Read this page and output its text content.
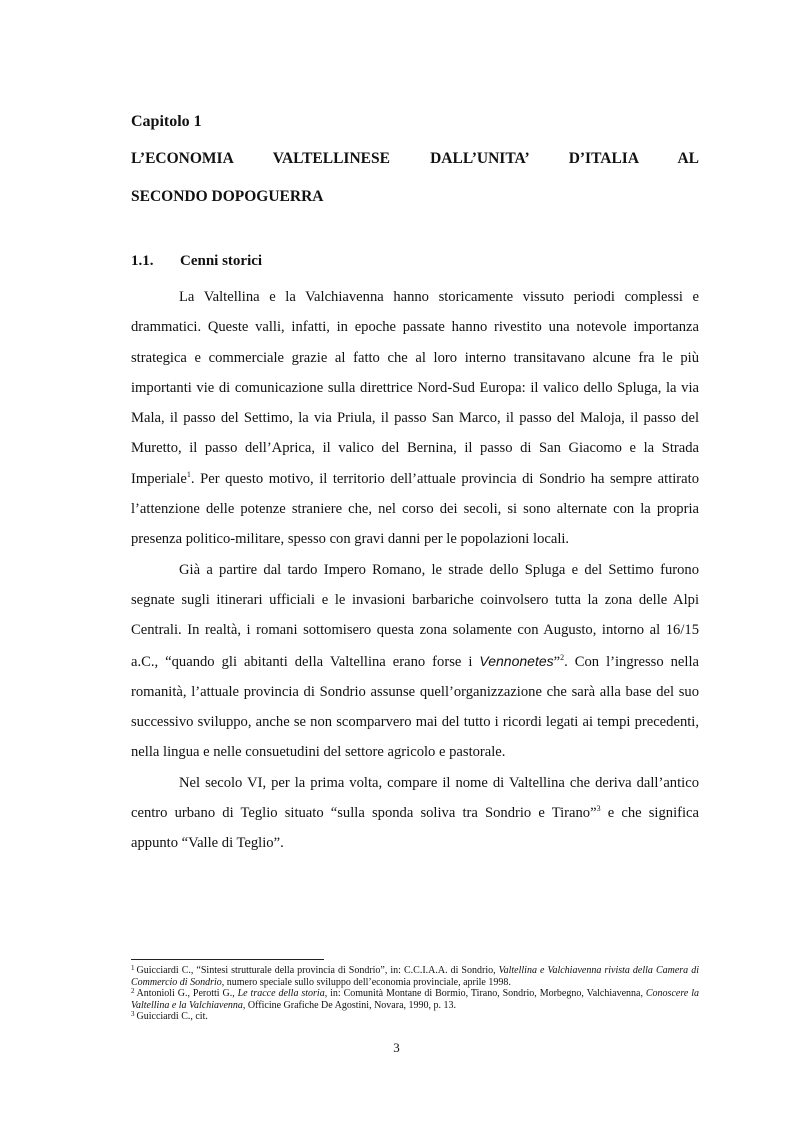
Capitolo 1
L’ECONOMIA VALTELLINESE DALL’UNITA’ D’ITALIA AL
SECONDO DOPOGUERRA
1.1. Cenni storici

La Valtellina e la Valchiavenna hanno storicamente vissuto periodi complessi e drammatici. Queste valli, infatti, in epoche passate hanno rivestito una notevole importanza strategica e commerciale grazie al fatto che al loro interno transitavano alcune fra le più importanti vie di comunicazione sulla direttrice Nord-Sud Europa: il valico dello Spluga, la via Mala, il passo del Settimo, la via Priula, il passo San Marco, il passo del Maloja, il passo del Muretto, il passo dell’Aprica, il valico del Bernina, il passo di San Giacomo e la Strada Imperiale$^1$. Per questo motivo, il territorio dell’attuale provincia di Sondrio ha sempre attirato l’attenzione delle potenze straniere che, nel corso dei secoli, si sono alternate con la propria presenza politico-militare, spesso con gravi danni per le popolazioni locali.

Già a partire dal tardo Impero Romano, le strade dello Spluga e del Settimo furono segnate sugli itinerari ufficiali e le invasioni barbariche coinvolsero tutta la zona delle Alpi Centrali. In realtà, i romani sottomisero questa zona solamente con Augusto, intorno al 16/15 a.C., “quando gli abitanti della Valtellina erano forse i Vennonetes”$^2$. Con l’ingresso nella romanità, l’attuale provincia di Sondrio assunse quell’organizzazione che sarà alla base del suo successivo sviluppo, anche se non scomparvero mai del tutto i ricordi legati ai tempi precedenti, nella lingua e nelle consuetudini del settore agricolo e pastorale.

Nel secolo VI, per la prima volta, compare il nome di Valtellina che deriva dall’antico centro urbano di Teglio situato “sulla sponda soliva tra Sondrio e Tirano”$^3$ e che significa appunto “Valle di Teglio”.

$^1$ Guicciardi C., “Sintesi strutturale della provincia di Sondrio”, in: C.C.I.A.A. di Sondrio, Valtellina e Valchiavenna rivista della Camera di Commercio di Sondrio, numero speciale sullo sviluppo dell’economia provinciale, aprile 1998.

$^2$ Antonioli G., Perotti G., Le tracce della storia, in: Comunità Montane di Bormio, Tirano, Sondrio, Morbegno, Valchiavenna, Conoscere la Valtellina e la Valchiavenna, Officine Grafiche De Agostini, Novara, 1990, p. 13.

$^3$ Guicciardi C., cit.

3
